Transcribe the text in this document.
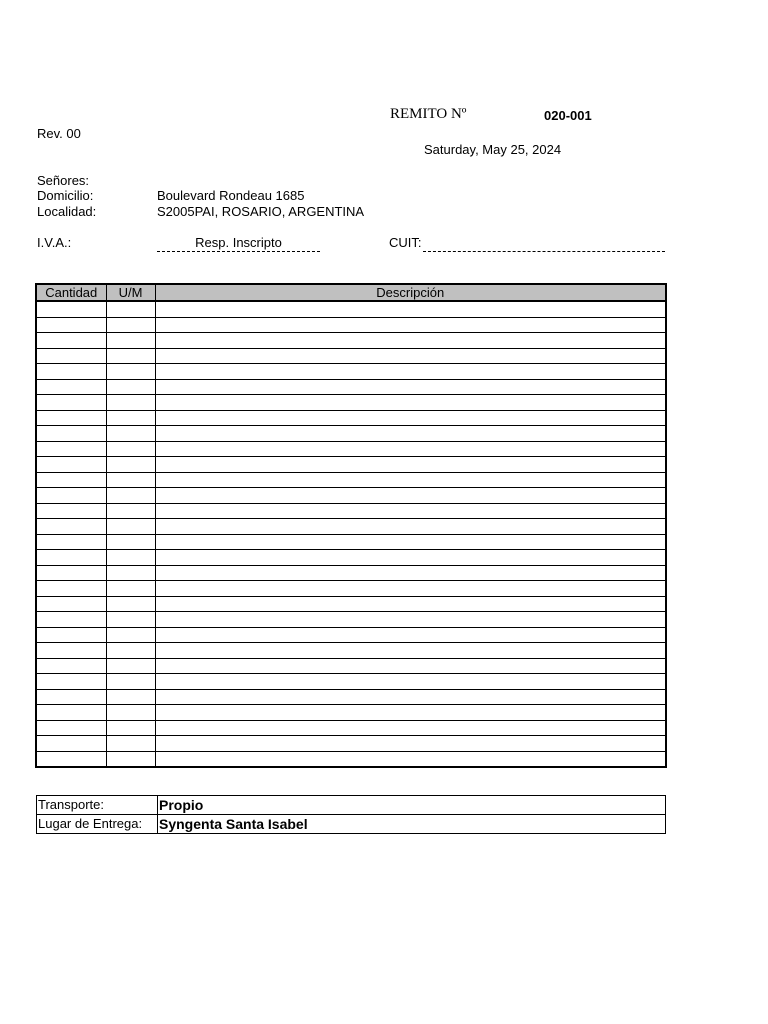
REMITO Nº	020-001
Rev. 00
Saturday, May 25, 2024
Señores:
Domicilio:	Boulevard Rondeau 1685
Localidad:	S2005PAI, ROSARIO, ARGENTINA
I.V.A.:	Resp. Inscripto	CUIT:
Cantidad	U/M	Descripción

Transporte:	Propio
Lugar de Entrega:	Syngenta Santa Isabel
